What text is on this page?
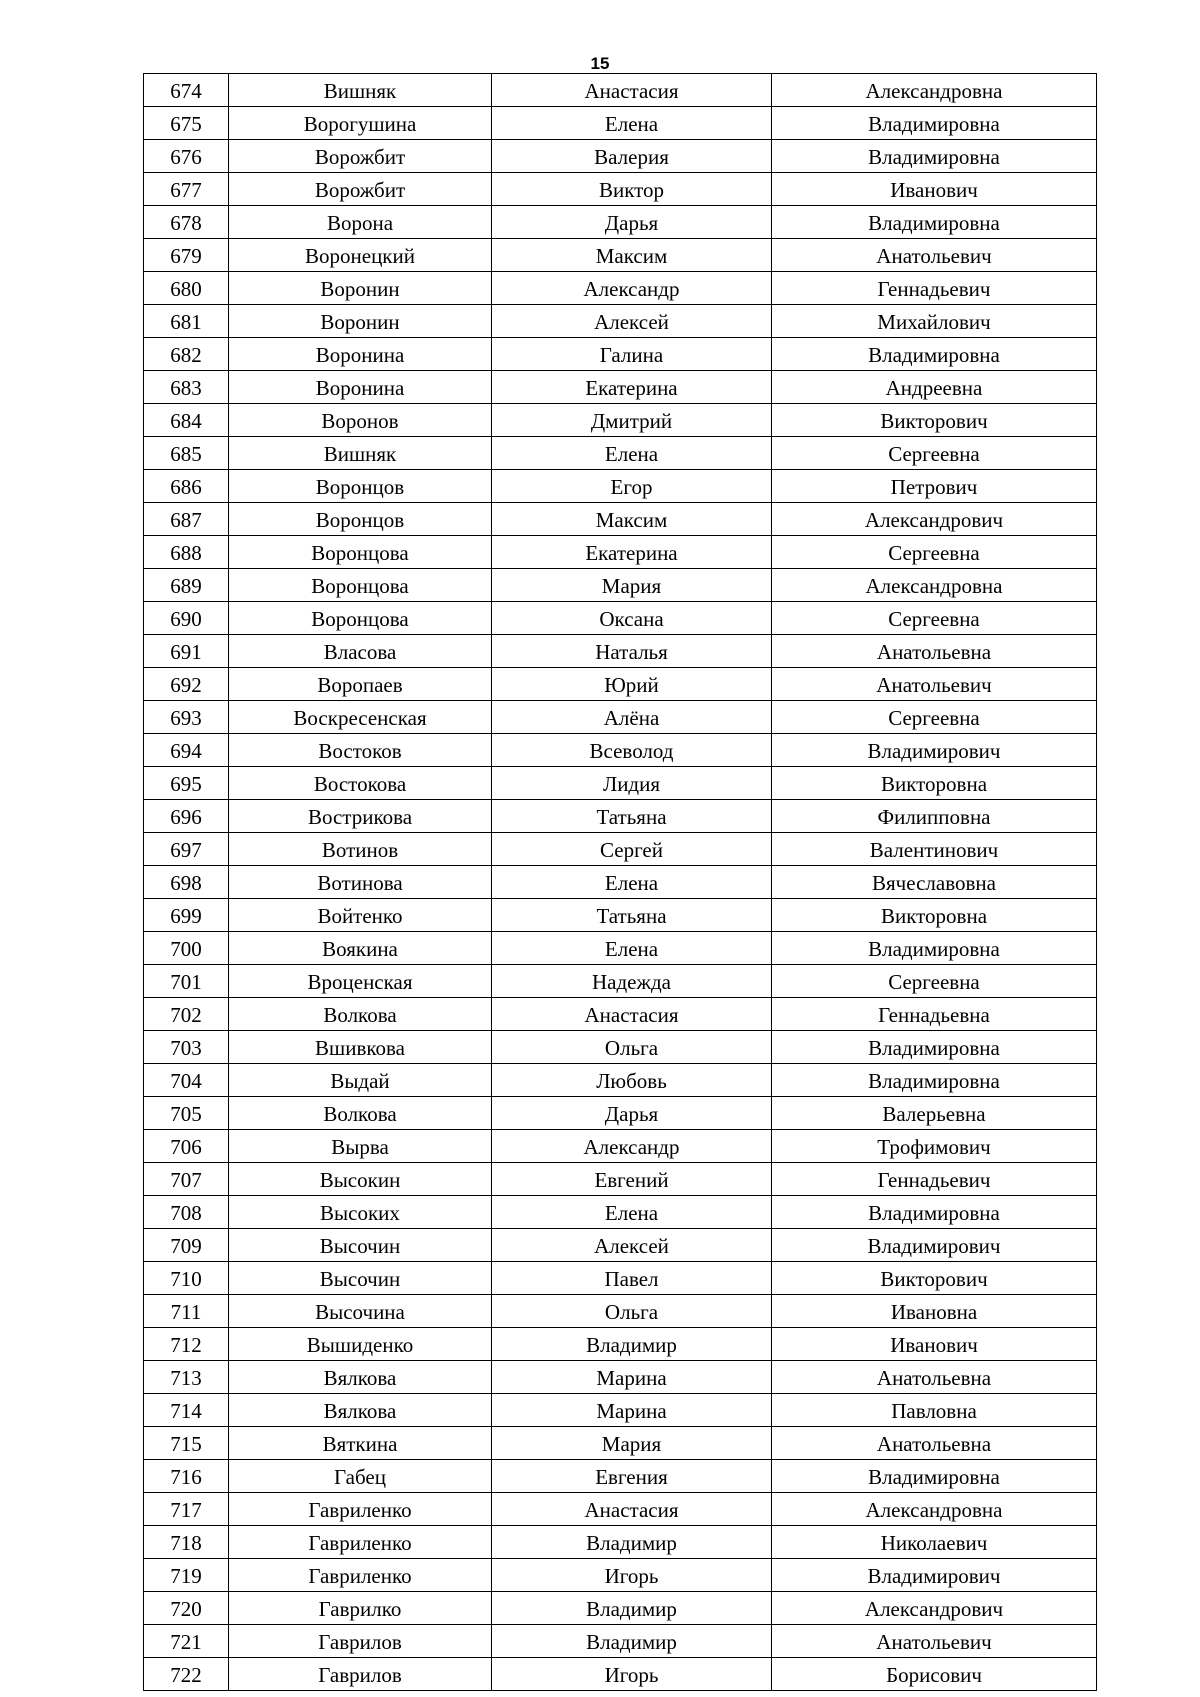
15
674	Вишняк	Анастасия	Александровна
675	Ворогушина	Елена	Владимировна
676	Ворожбит	Валерия	Владимировна
677	Ворожбит	Виктор	Иванович
678	Ворона	Дарья	Владимировна
679	Воронецкий	Максим	Анатольевич
680	Воронин	Александр	Геннадьевич
681	Воронин	Алексей	Михайлович
682	Воронина	Галина	Владимировна
683	Воронина	Екатерина	Андреевна
684	Воронов	Дмитрий	Викторович
685	Вишняк	Елена	Сергеевна
686	Воронцов	Егор	Петрович
687	Воронцов	Максим	Александрович
688	Воронцова	Екатерина	Сергеевна
689	Воронцова	Мария	Александровна
690	Воронцова	Оксана	Сергеевна
691	Власова	Наталья	Анатольевна
692	Воропаев	Юрий	Анатольевич
693	Воскресенская	Алёна	Сергеевна
694	Востоков	Всеволод	Владимирович
695	Востокова	Лидия	Викторовна
696	Вострикова	Татьяна	Филипповна
697	Вотинов	Сергей	Валентинович
698	Вотинова	Елена	Вячеславовна
699	Войтенко	Татьяна	Викторовна
700	Воякина	Елена	Владимировна
701	Вроценская	Надежда	Сергеевна
702	Волкова	Анастасия	Геннадьевна
703	Вшивкова	Ольга	Владимировна
704	Выдай	Любовь	Владимировна
705	Волкова	Дарья	Валерьевна
706	Вырва	Александр	Трофимович
707	Высокин	Евгений	Геннадьевич
708	Высоких	Елена	Владимировна
709	Высочин	Алексей	Владимирович
710	Высочин	Павел	Викторович
711	Высочина	Ольга	Ивановна
712	Вышиденко	Владимир	Иванович
713	Вялкова	Марина	Анатольевна
714	Вялкова	Марина	Павловна
715	Вяткина	Мария	Анатольевна
716	Габец	Евгения	Владимировна
717	Гавриленко	Анастасия	Александровна
718	Гавриленко	Владимир	Николаевич
719	Гавриленко	Игорь	Владимирович
720	Гаврилко	Владимир	Александрович
721	Гаврилов	Владимир	Анатольевич
722	Гаврилов	Игорь	Борисович
